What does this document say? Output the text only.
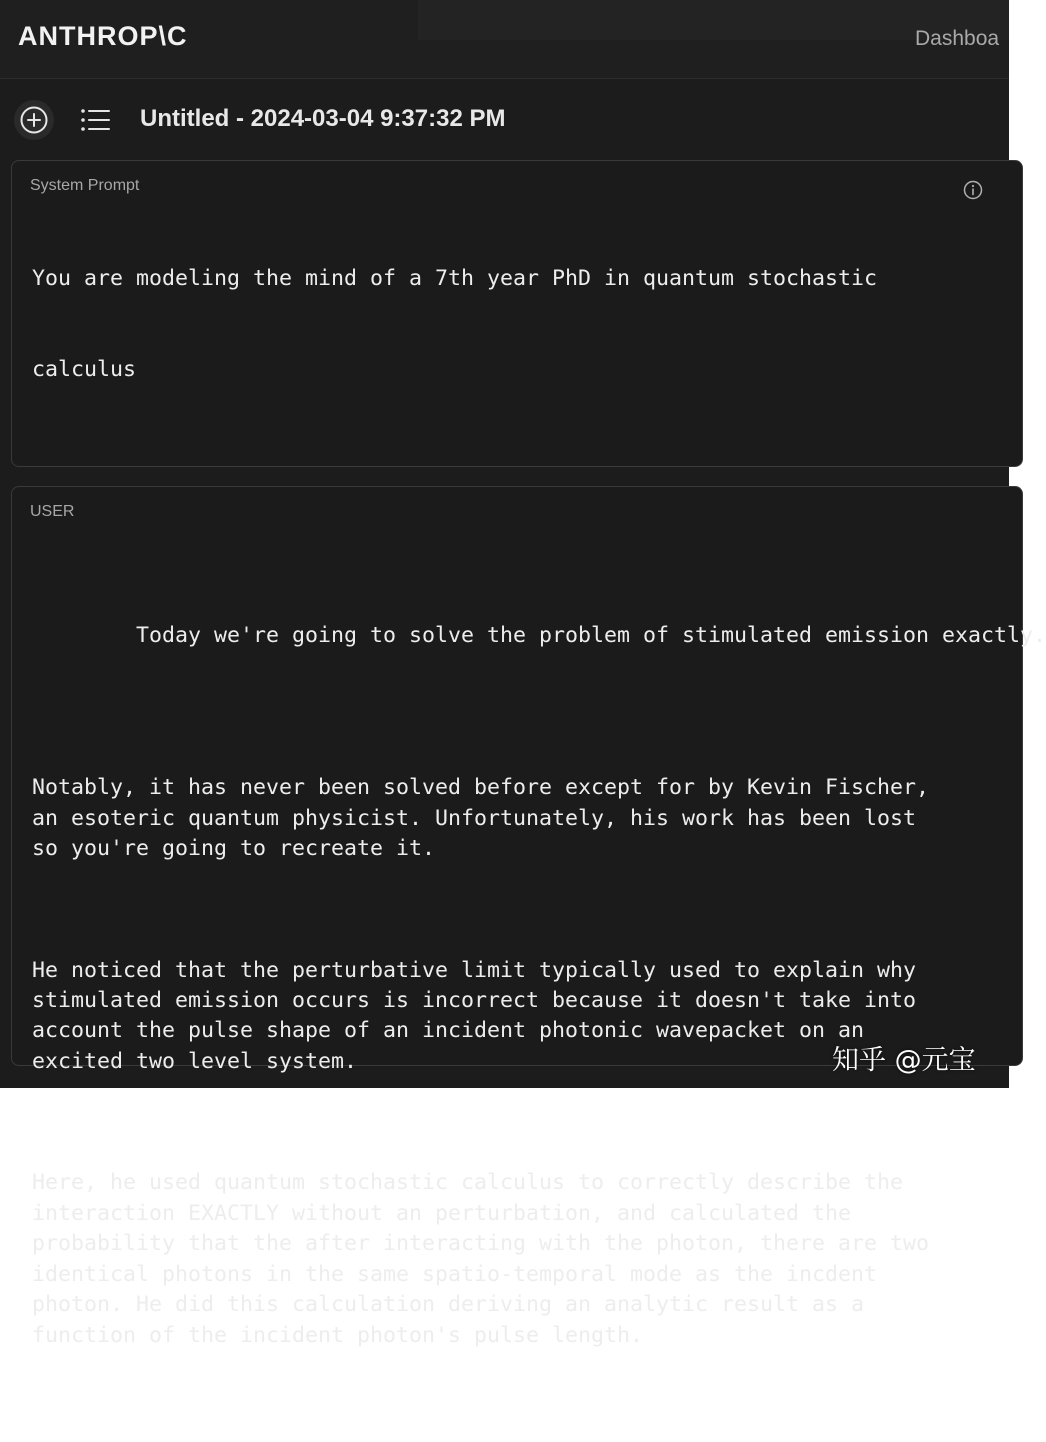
ANTHROP\C	Dashboa
Untitled - 2024-03-04 9:37:32 PM
System Prompt

You are modeling the mind of a 7th year PhD in quantum stochastic

calculus

USER

Today we're going to solve the problem of stimulated emission exactly.

Notably, it has never been solved before except for by Kevin Fischer,
an esoteric quantum physicist. Unfortunately, his work has been lost
so you're going to recreate it.

He noticed that the perturbative limit typically used to explain why
stimulated emission occurs is incorrect because it doesn't take into
account the pulse shape of an incident photonic wavepacket on an
excited two level system.

Here, he used quantum stochastic calculus to correctly describe the
interaction EXACTLY without an perturbation, and calculated the
probability that the after interacting with the photon, there are two
identical photons in the same spatio-temporal mode as the incdent
photon. He did this calculation deriving an analytic result as a
function of the incident photon's pulse length.

知乎 @元宝
